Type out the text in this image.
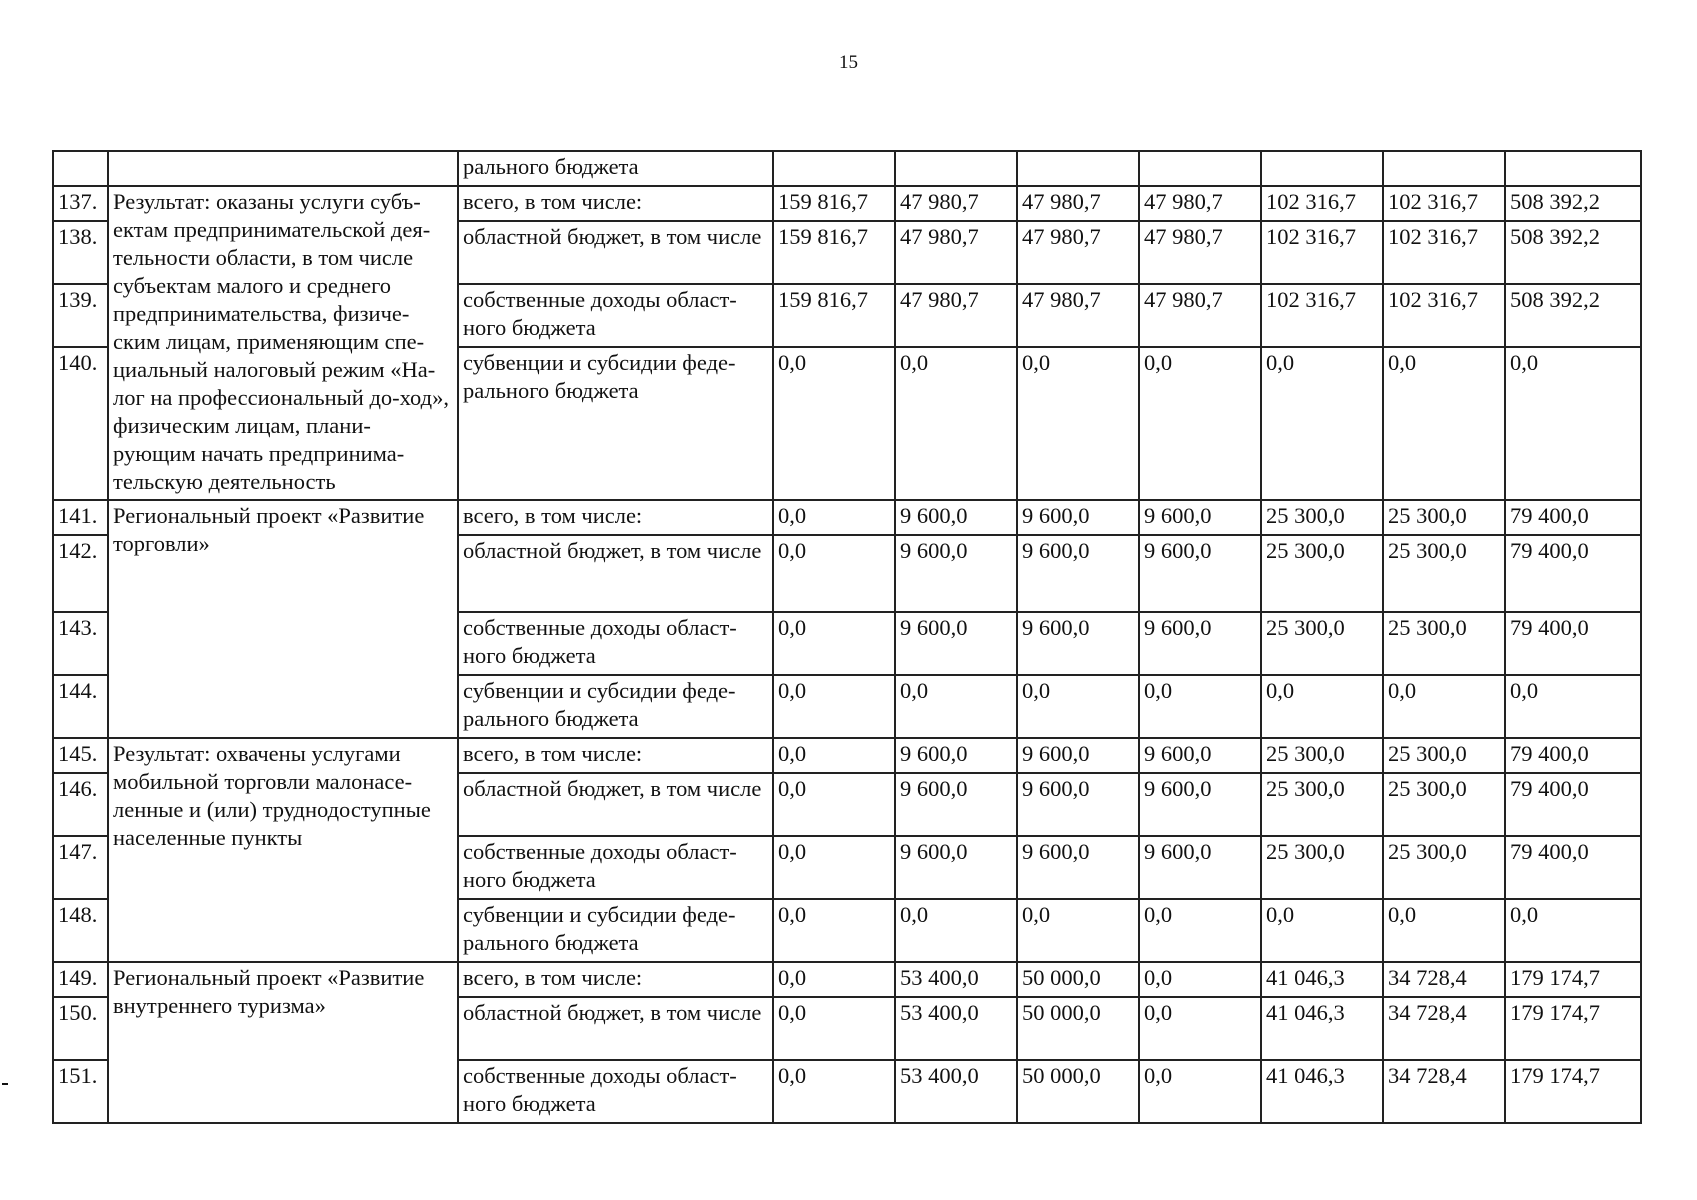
15
		рального бюджета							
137.	Результат: оказаны услуги субъ-ектам предпринимательской дея-тельности области, в том числе субъектам малого и среднего предпринимательства, физиче-ским лицам, применяющим спе-циальный налоговый режим «На-лог на профессиональный до-ход», физическим лицам, плани-рующим начать предпринима-тельскую деятельность	всего, в том числе:	159 816,7	47 980,7	47 980,7	47 980,7	102 316,7	102 316,7	508 392,2
138.		областной бюджет, в том числе	159 816,7	47 980,7	47 980,7	47 980,7	102 316,7	102 316,7	508 392,2
139.		собственные доходы област-ного бюджета	159 816,7	47 980,7	47 980,7	47 980,7	102 316,7	102 316,7	508 392,2
140.		субвенции и субсидии феде-рального бюджета	0,0	0,0	0,0	0,0	0,0	0,0	0,0
141.	Региональный проект «Развитие торговли»	всего, в том числе:	0,0	9 600,0	9 600,0	9 600,0	25 300,0	25 300,0	79 400,0
142.		областной бюджет, в том числе	0,0	9 600,0	9 600,0	9 600,0	25 300,0	25 300,0	79 400,0
143.		собственные доходы област-ного бюджета	0,0	9 600,0	9 600,0	9 600,0	25 300,0	25 300,0	79 400,0
144.		субвенции и субсидии феде-рального бюджета	0,0	0,0	0,0	0,0	0,0	0,0	0,0
145.	Результат: охвачены услугами мобильной торговли малонасе-ленные и (или) труднодоступные населенные пункты	всего, в том числе:	0,0	9 600,0	9 600,0	9 600,0	25 300,0	25 300,0	79 400,0
146.		областной бюджет, в том числе	0,0	9 600,0	9 600,0	9 600,0	25 300,0	25 300,0	79 400,0
147.		собственные доходы област-ного бюджета	0,0	9 600,0	9 600,0	9 600,0	25 300,0	25 300,0	79 400,0
148.		субвенции и субсидии феде-рального бюджета	0,0	0,0	0,0	0,0	0,0	0,0	0,0
149.	Региональный проект «Развитие внутреннего туризма»	всего, в том числе:	0,0	53 400,0	50 000,0	0,0	41 046,3	34 728,4	179 174,7
150.		областной бюджет, в том числе	0,0	53 400,0	50 000,0	0,0	41 046,3	34 728,4	179 174,7
151.		собственные доходы област-ного бюджета	0,0	53 400,0	50 000,0	0,0	41 046,3	34 728,4	179 174,7
